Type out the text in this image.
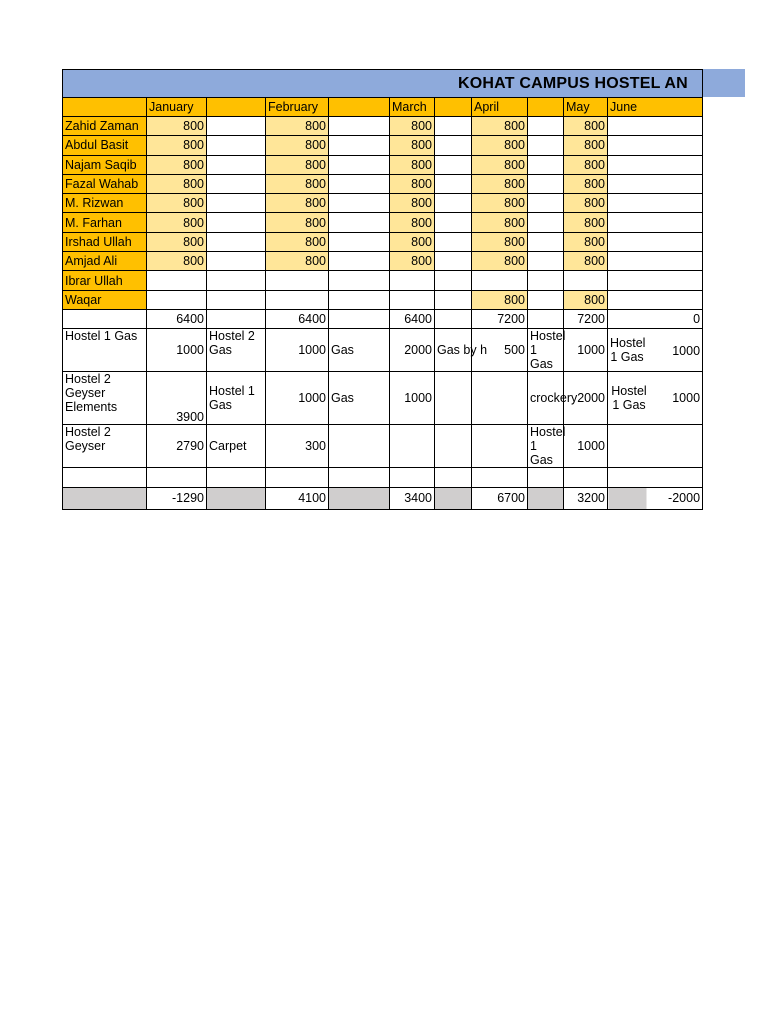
KOHAT CAMPUS HOSTEL AN										
	January		February		March		April		May	June
Zahid Zaman	800		800		800		800		800	
Abdul Basit	800		800		800		800		800	
Najam Saqib	800		800		800		800		800	
Fazal Wahab	800		800		800		800		800	
M. Rizwan	800		800		800		800		800	
M. Farhan	800		800		800		800		800	
Irshad Ullah	800		800		800		800		800	
Amjad Ali	800		800		800		800		800	
Ibrar Ullah										
Waqar							800		800	
	6400		6400		6400		7200		7200	0
Hostel 1 Gas	1000	Hostel 2 Gas	1000	Gas	2000	Gas by h	500	Hostel 1 Gas	1000	Hostel 1 Gas 1000

Hostel 2 Geyser Elements	3900	Hostel 1 Gas	1000	Gas	1000			crockery	2000	Hostel 1 Gas 1000

Hostel 2 Geyser	2790	Carpet	300					Hostel 1 Gas	1000	

	-1290		4100		3400		6700		3200	-2000
